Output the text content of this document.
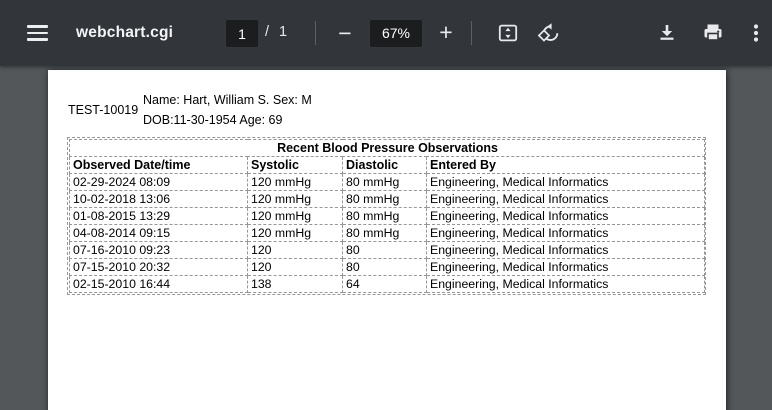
webchart.cgi
1	/ 1	−	67%	+
TEST-10019
Name: Hart, William S. Sex: M
DOB:11-30-1954 Age: 69
Recent Blood Pressure Observations			
Observed Date/time	Systolic	Diastolic	Entered By
02-29-2024 08:09	120 mmHg	80 mmHg	Engineering, Medical Informatics
10-02-2018 13:06	120 mmHg	80 mmHg	Engineering, Medical Informatics
01-08-2015 13:29	120 mmHg	80 mmHg	Engineering, Medical Informatics
04-08-2014 09:15	120 mmHg	80 mmHg	Engineering, Medical Informatics
07-16-2010 09:23	120	80	Engineering, Medical Informatics
07-15-2010 20:32	120	80	Engineering, Medical Informatics
02-15-2010 16:44	138	64	Engineering, Medical Informatics
